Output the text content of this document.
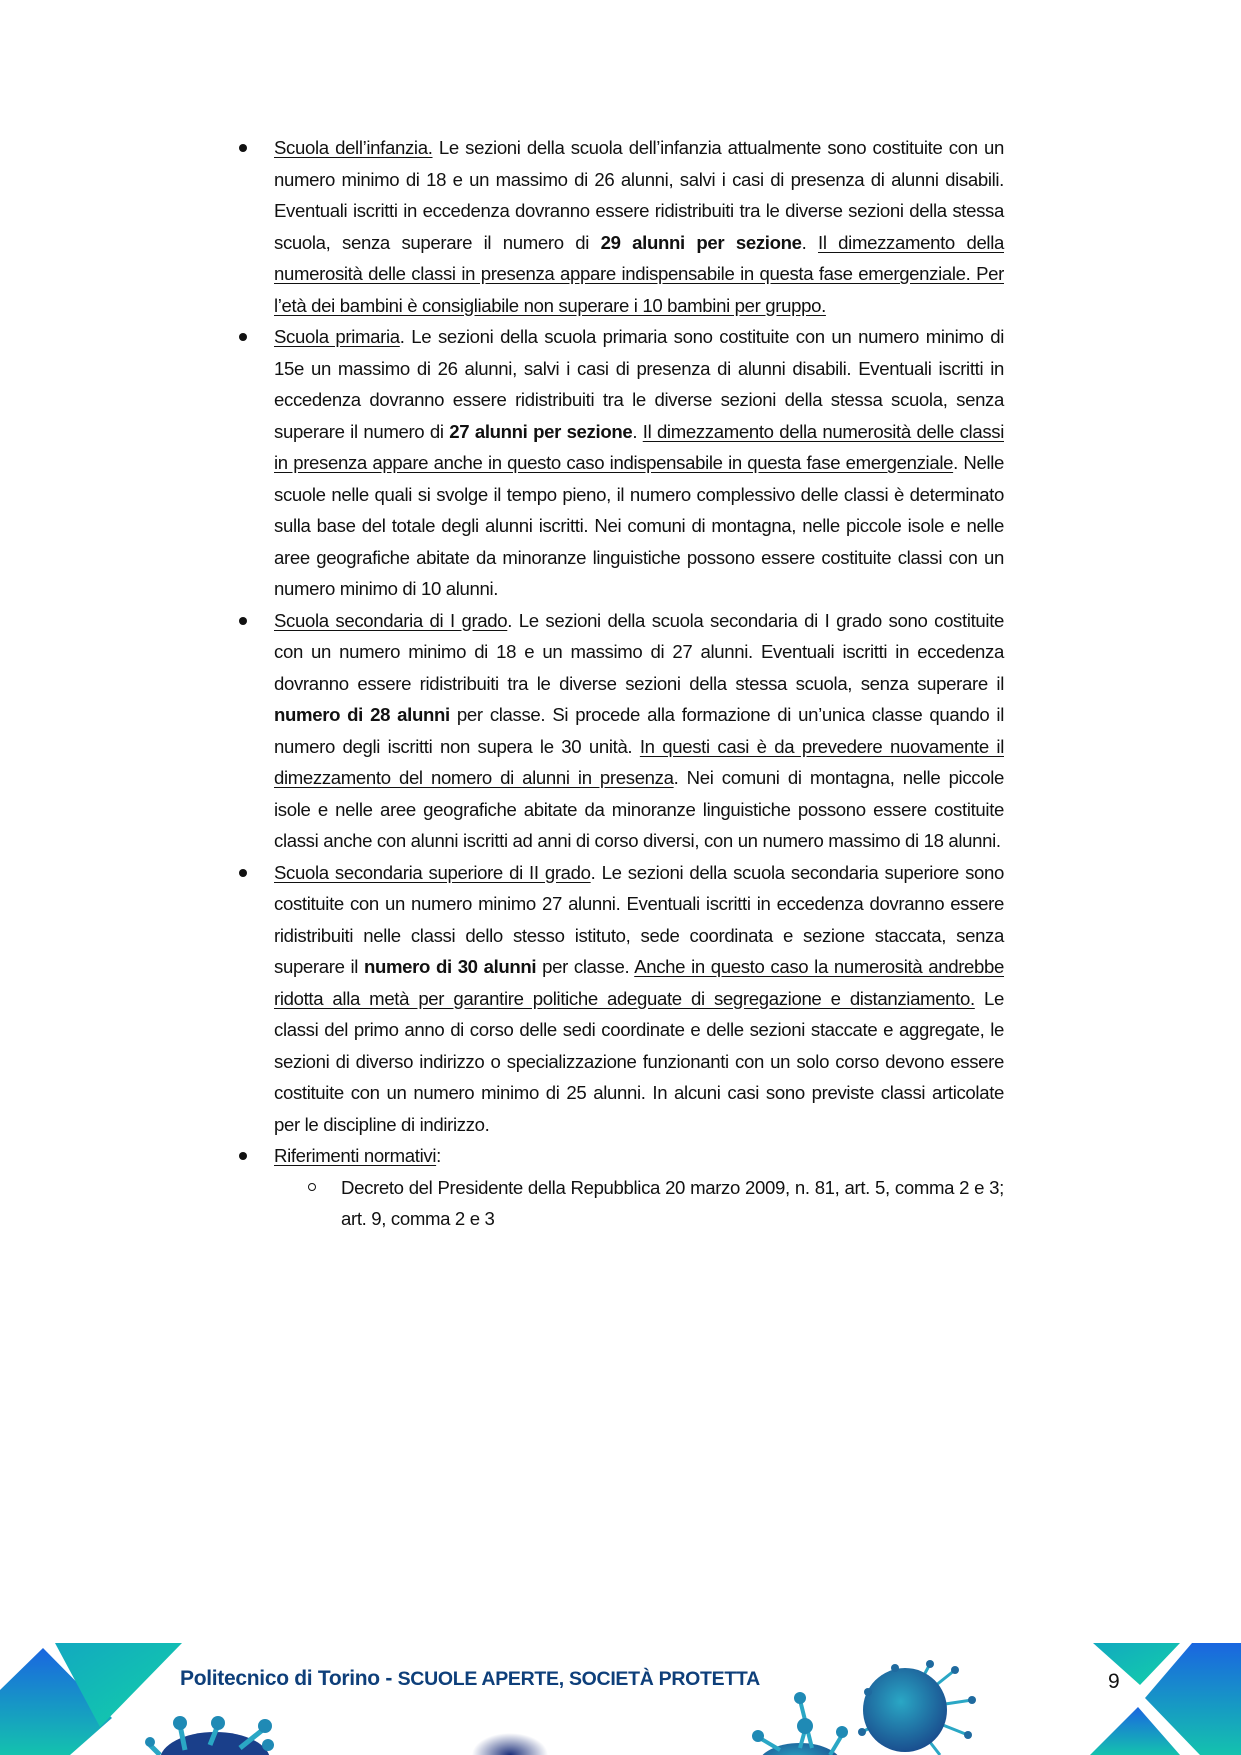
Scuola dell’infanzia. Le sezioni della scuola dell’infanzia attualmente sono costituite con un numero minimo di 18 e un massimo di 26 alunni, salvi i casi di presenza di alunni disabili. Eventuali iscritti in eccedenza dovranno essere ridistribuiti tra le diverse sezioni della stessa scuola, senza superare il numero di 29 alunni per sezione. Il dimezzamento della numerosità delle classi in presenza appare indispensabile in questa fase emergenziale. Per l’età dei bambini è consigliabile non superare i 10 bambini per gruppo.
Scuola primaria. Le sezioni della scuola primaria sono costituite con un numero minimo di 15e un massimo di 26 alunni, salvi i casi di presenza di alunni disabili. Eventuali iscritti in eccedenza dovranno essere ridistribuiti tra le diverse sezioni della stessa scuola, senza superare il numero di 27 alunni per sezione. Il dimezzamento della numerosità delle classi in presenza appare anche in questo caso indispensabile in questa fase emergenziale. Nelle scuole nelle quali si svolge il tempo pieno, il numero complessivo delle classi è determinato sulla base del totale degli alunni iscritti. Nei comuni di montagna, nelle piccole isole e nelle aree geografiche abitate da minoranze linguistiche possono essere costituite classi con un numero minimo di 10 alunni.
Scuola secondaria di I grado. Le sezioni della scuola secondaria di I grado sono costituite con un numero minimo di 18 e un massimo di 27 alunni. Eventuali iscritti in eccedenza dovranno essere ridistribuiti tra le diverse sezioni della stessa scuola, senza superare il numero di 28 alunni per classe. Si procede alla formazione di un’unica classe quando il numero degli iscritti non supera le 30 unità. In questi casi è da prevedere nuovamente il dimezzamento del nomero di alunni in presenza. Nei comuni di montagna, nelle piccole isole e nelle aree geografiche abitate da minoranze linguistiche possono essere costituite classi anche con alunni iscritti ad anni di corso diversi, con un numero massimo di 18 alunni.
Scuola secondaria superiore di II grado. Le sezioni della scuola secondaria superiore sono costituite con un numero minimo 27 alunni. Eventuali iscritti in eccedenza dovranno essere ridistribuiti nelle classi dello stesso istituto, sede coordinata e sezione staccata, senza superare il numero di 30 alunni per classe. Anche in questo caso la numerosità andrebbe ridotta alla metà per garantire politiche adeguate di segregazione e distanziamento. Le classi del primo anno di corso delle sedi coordinate e delle sezioni staccate e aggregate, le sezioni di diverso indirizzo o specializzazione funzionanti con un solo corso devono essere costituite con un numero minimo di 25 alunni. In alcuni casi sono previste classi articolate per le discipline di indirizzo.
Riferimenti normativi:
Decreto del Presidente della Repubblica 20 marzo 2009, n. 81, art. 5, comma 2 e 3; art. 9, comma 2 e 3
Politecnico di Torino - SCUOLE APERTE, SOCIETÀ PROTETTA	9
